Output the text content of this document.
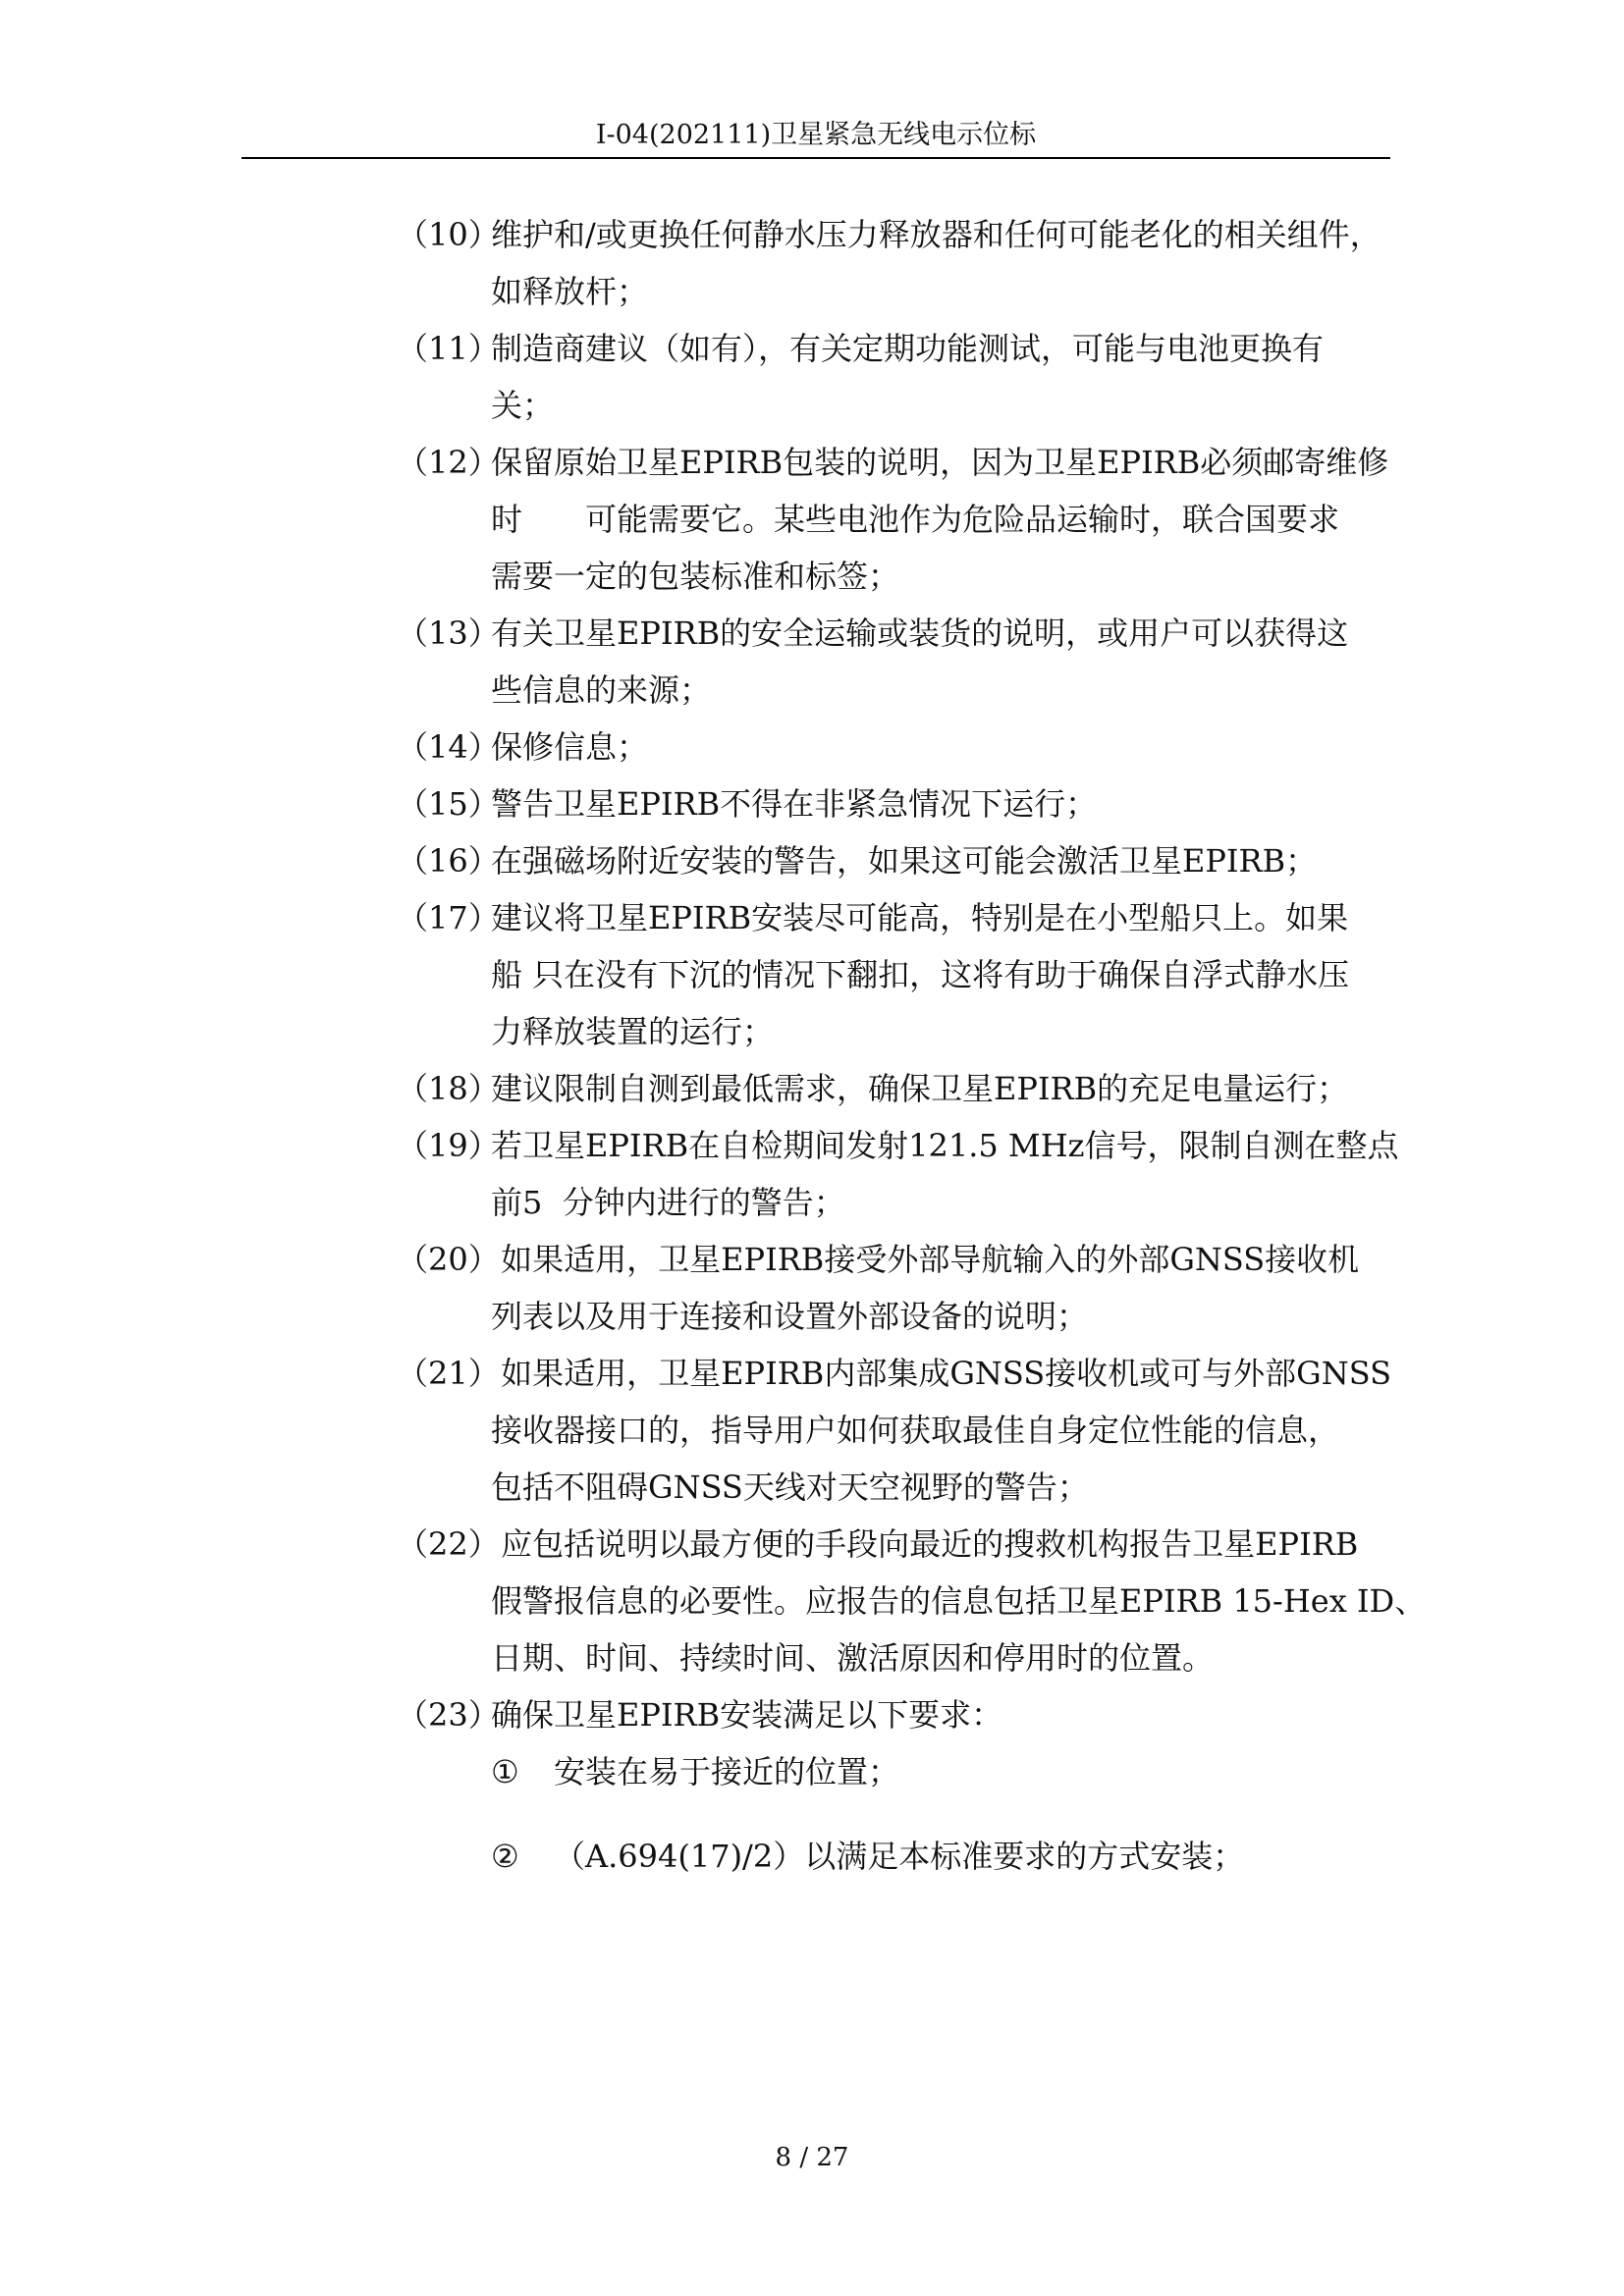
I-04(202111)卫星紧急无线电示位标
（10）
维护和/或更换任何静水压力释放器和任何可能老化的相关组件，
如释放杆；
（11）
制造商建议（如有），有关定期功能测试，可能与电池更换有
关；
（12）
保留原始卫星EPIRB包装的说明，因为卫星EPIRB必须邮寄维修
时　　可能需要它。某些电池作为危险品运输时，联合国要求
需要一定的包装标准和标签；
（13）
有关卫星EPIRB的安全运输或装货的说明，或用户可以获得这
些信息的来源；
（14）
保修信息；
（15）
警告卫星EPIRB不得在非紧急情况下运行；
（16）
在强磁场附近安装的警告，如果这可能会激活卫星EPIRB；
（17）
建议将卫星EPIRB安装尽可能高，特别是在小型船只上。如果
船 只在没有下沉的情况下翻扣，这将有助于确保自浮式静水压
力释放装置的运行；
（18）
建议限制自测到最低需求，确保卫星EPIRB的充足电量运行；
（19）
若卫星EPIRB在自检期间发射121.5 MHz信号，限制自测在整点
前5  分钟内进行的警告；
（20）
如果适用，卫星EPIRB接受外部导航输入的外部GNSS接收机
列表以及用于连接和设置外部设备的说明；
（21）
如果适用，卫星EPIRB内部集成GNSS接收机或可与外部GNSS
接收器接口的，指导用户如何获取最佳自身定位性能的信息，
包括不阻碍GNSS天线对天空视野的警告；
（22）
应包括说明以最方便的手段向最近的搜救机构报告卫星EPIRB
假警报信息的必要性。应报告的信息包括卫星EPIRB 15-Hex ID、
日期、时间、持续时间、激活原因和停用时的位置。
（23）
确保卫星EPIRB安装满足以下要求：
① 安装在易于接近的位置；
② （A.694(17)/2）以满足本标准要求的方式安装；
8 / 27
